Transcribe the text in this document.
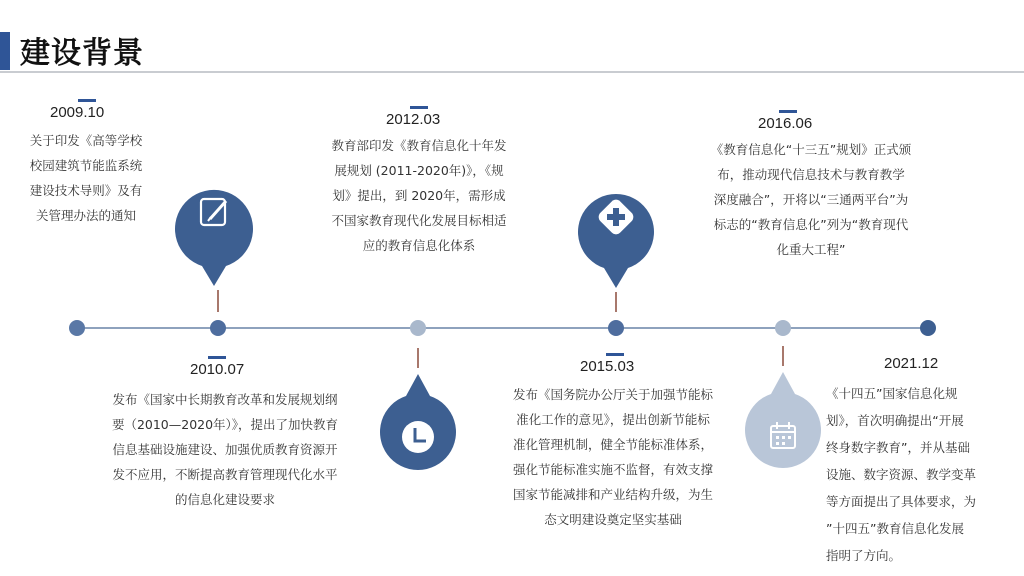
建设背景
2009.10
关于印发《高等学校
校园建筑节能监系统
建设技术导则》及有
关管理办法的通知
2010.07
发布《国家中长期教育改革和发展规划纲
要（2010—2020年）》，提出了加快教育
信息基础设施建设、加强优质教育资源开
发不应用，不断提高教育管理现代化水平
的信息化建设要求
2012.03
教育部印发《教育信息化十年发
展规划 (2011-2020年)》，《规
划》提出，到 2020年，需形成
不国家教育现代化发展目标相适
应的教育信息化体系
2015.03
发布《国务院办公厅关于加强节能标
准化工作的意见》，提出创新节能标
准化管理机制，健全节能标准体系，
强化节能标准实施不监督，有效支撑
国家节能减排和产业结构升级，为生
态文明建设奠定坚实基础
2016.06
《教育信息化“十三五”规划》正式颁
布，推动现代信息技术与教育教学
深度融合”，开将以“三通两平台”为
标志的“教育信息化”列为“教育现代
化重大工程”
2021.12
《十四五”国家信息化规
划》，首次明确提出“开展
终身数字教育”，并从基础
设施、数字资源、教学变革
等方面提出了具体要求，为
”十四五”教育信息化发展
指明了方向。
